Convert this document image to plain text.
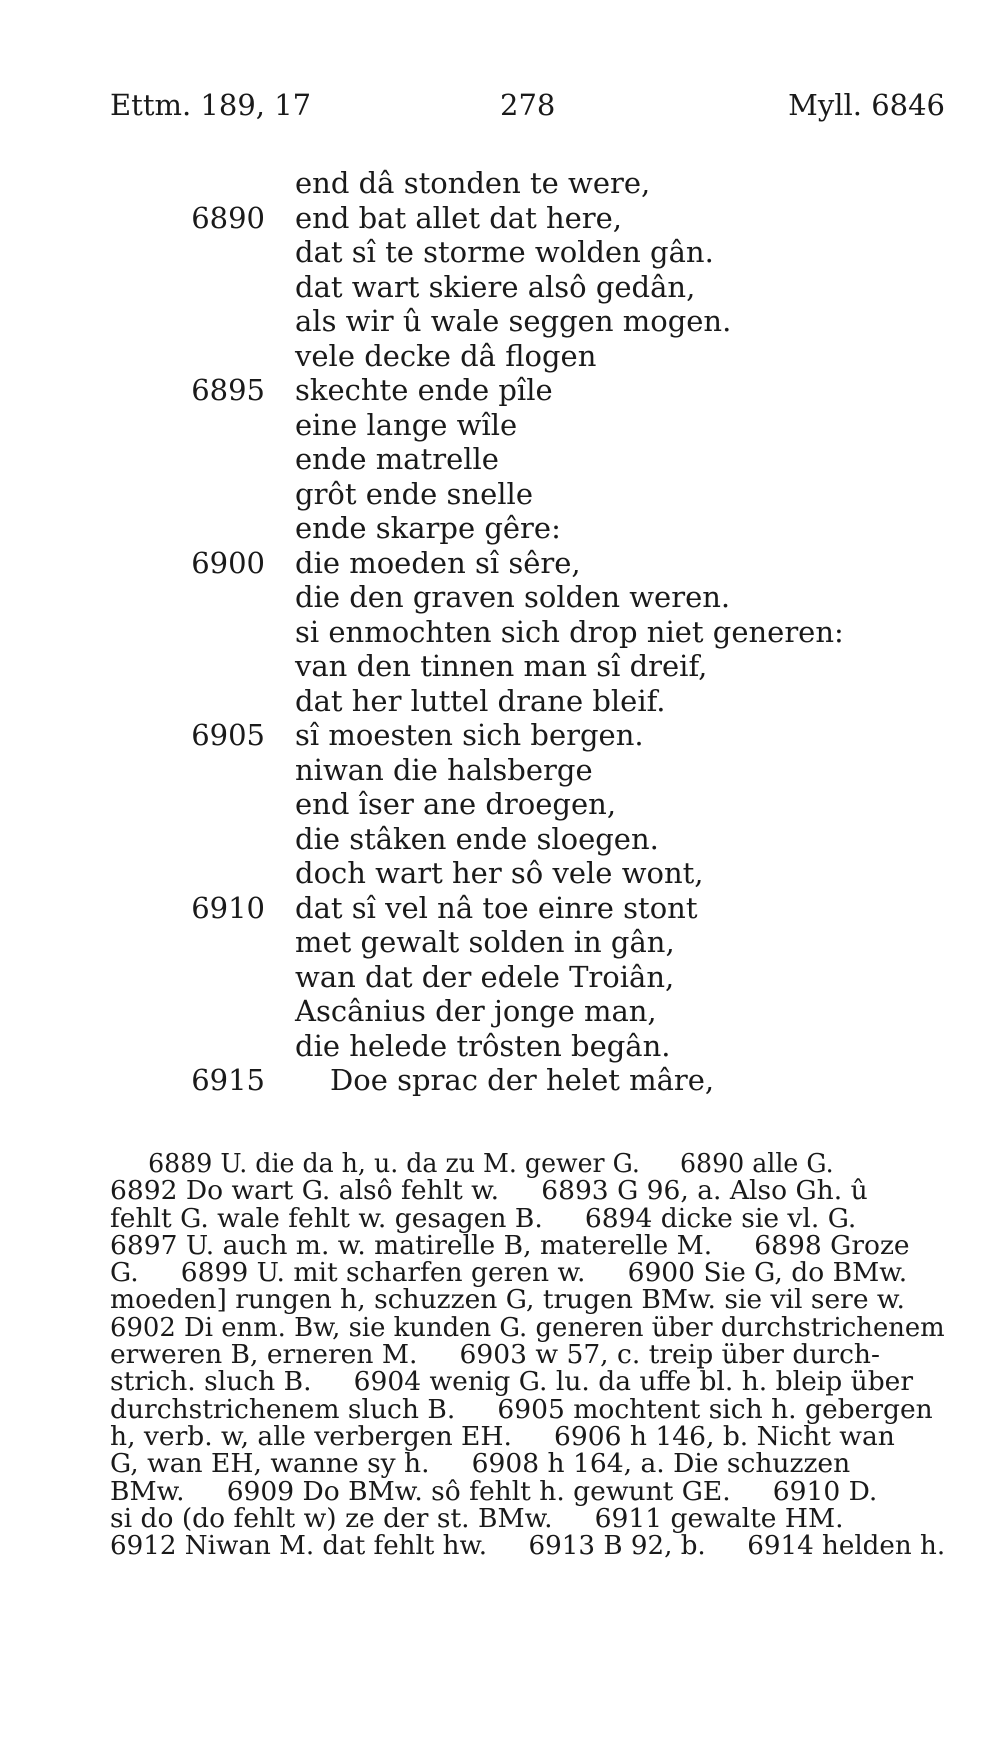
Ettm. 189, 17	278	Myll. 6846
end dâ stonden te were,
6890 end bat allet dat here,
dat sî te storme wolden gân.
dat wart skiere alsô gedân,
als wir û wale seggen mogen.
vele decke dâ flogen
6895 skechte ende pîle
eine lange wîle
ende matrelle
grôt ende snelle
ende skarpe gêre:
6900 die moeden sî sêre,
die den graven solden weren.
si enmochten sich drop niet generen:
van den tinnen man sî dreif,
dat her luttel drane bleif.
6905 sî moesten sich bergen.
niwan die halsberge
end îser ane droegen,
die stâken ende sloegen.
doch wart her sô vele wont,
6910 dat sî vel nâ toe einre stont
met gewalt solden in gân,
wan dat der edele Troiân,
Ascânius der jonge man,
die helede trôsten begân.
6915 Doe sprac der helet mâre,
6889 U. die da h, u. da zu M. gewer G.     6890 alle G.
6892 Do wart G. alsô fehlt w.     6893 G 96, a. Also Gh. û
fehlt G. wale fehlt w. gesagen B.     6894 dicke sie vl. G.
6897 U. auch m. w. matirelle B, materelle M.     6898 Groze
G.     6899 U. mit scharfen geren w.     6900 Sie G, do BMw.
moeden] rungen h, schuzzen G, trugen BMw. sie vil sere w.
6902 Di enm. Bw, sie kunden G. generen über durchstrichenem
erweren B, erneren M.     6903 w 57, c. treip über durch-
strich. sluch B.     6904 wenig G. lu. da uffe bl. h. bleip über
durchstrichenem sluch B.     6905 mochtent sich h. gebergen
h, verb. w, alle verbergen EH.     6906 h 146, b. Nicht wan
G, wan EH, wanne sy h.     6908 h 164, a. Die schuzzen
BMw.     6909 Do BMw. sô fehlt h. gewunt GE.     6910 D.
si do (do fehlt w) ze der st. BMw.     6911 gewalte HM.
6912 Niwan M. dat fehlt hw.     6913 B 92, b.     6914 helden h.
